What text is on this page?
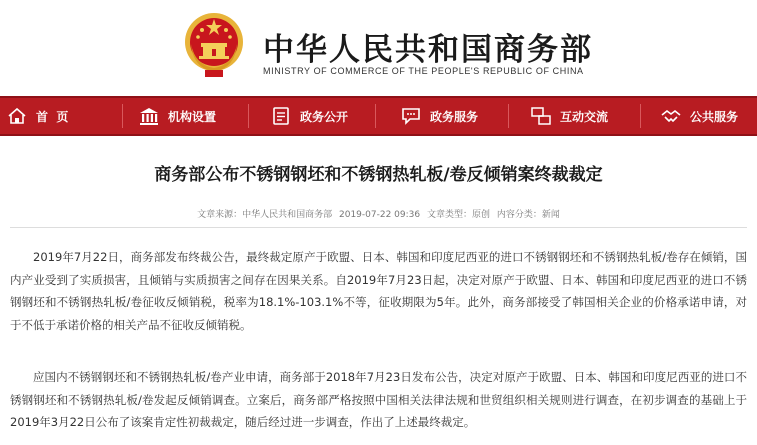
中华人民共和国商务部
MINISTRY OF COMMERCE OF THE PEOPLE'S REPUBLIC OF CHINA
首  页	机构设置	政务公开	政务服务	互动交流	公共服务
商务部公布不锈钢钢坯和不锈钢热轧板/卷反倾销案终裁裁定
文章来源：中华人民共和国商务部 2019-07-22 09:36 文章类型：原创 内容分类：新闻

2019年7月22日，商务部发布终裁公告，最终裁定原产于欧盟、日本、韩国和印度尼西亚的进口不锈钢钢坯和不锈钢热轧板/卷存在倾销，国内产业受到了实质损害，且倾销与实质损害之间存在因果关系。自2019年7月23日起，决定对原产于欧盟、日本、韩国和印度尼西亚的进口不锈钢钢坯和不锈钢热轧板/卷征收反倾销税，税率为18.1%-103.1%不等，征收期限为5年。此外，商务部接受了韩国相关企业的价格承诺申请，对于不低于承诺价格的相关产品不征收反倾销税。

应国内不锈钢钢坯和不锈钢热轧板/卷产业申请，商务部于2018年7月23日发布公告，决定对原产于欧盟、日本、韩国和印度尼西亚的进口不锈钢钢坯和不锈钢热轧板/卷发起反倾销调查。立案后，商务部严格按照中国相关法律法规和世贸组织相关规则进行调查，在初步调查的基础上于2019年3月22日公布了该案肯定性初裁裁定，随后经过进一步调查，作出了上述最终裁定。
